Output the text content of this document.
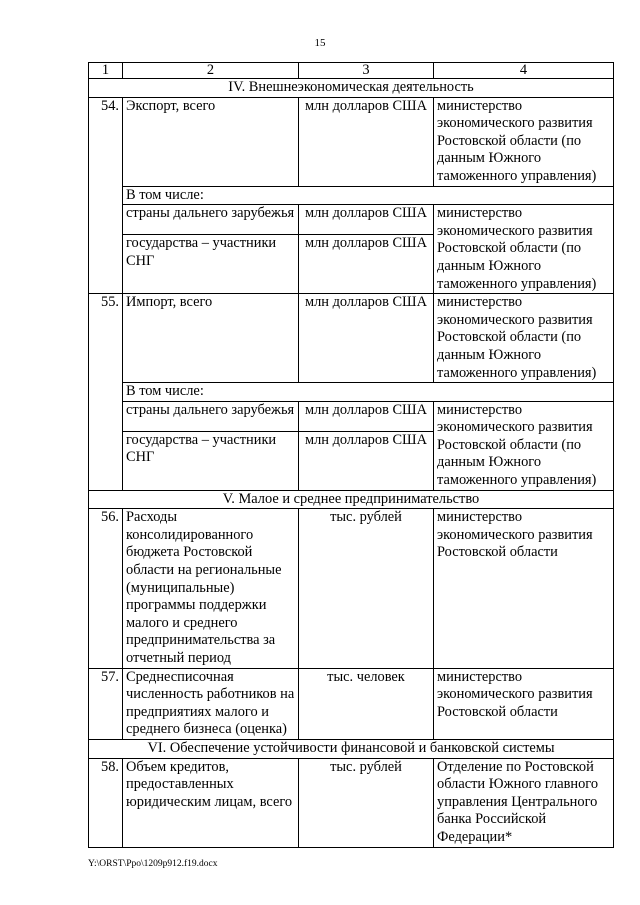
15
1	2	3	4
IV. Внешнеэкономическая деятельность			
54.	Экспорт, всего	млн долларов США	министерство экономического развития Ростовской области (по данным Южного таможенного управления)
	В том числе:		
	страны дальнего зарубежья	млн долларов США	министерство экономического развития Ростовской области (по данным Южного таможенного управления)
	государства – участники СНГ	млн долларов США	
55.	Импорт, всего	млн долларов США	министерство экономического развития Ростовской области (по данным Южного таможенного управления)
	В том числе:		
	страны дальнего зарубежья	млн долларов США	министерство экономического развития Ростовской области (по данным Южного таможенного управления)
	государства – участники СНГ	млн долларов США	
V. Малое и среднее предпринимательство			
56.	Расходы консолидированного бюджета Ростовской области на региональные (муниципальные) программы поддержки малого и среднего предпринимательства за отчетный период	тыс. рублей	министерство экономического развития Ростовской области
57.	Среднесписочная численность работников на предприятиях малого и среднего бизнеса (оценка)	тыс. человек	министерство экономического развития Ростовской области
VI. Обеспечение устойчивости финансовой и банковской системы			
58.	Объем кредитов, предоставленных юридическим лицам, всего	тыс. рублей	Отделение по Ростовской области Южного главного управления Центрального банка Российской Федерации*
Y:\ORST\Ppo\1209p912.f19.docx
